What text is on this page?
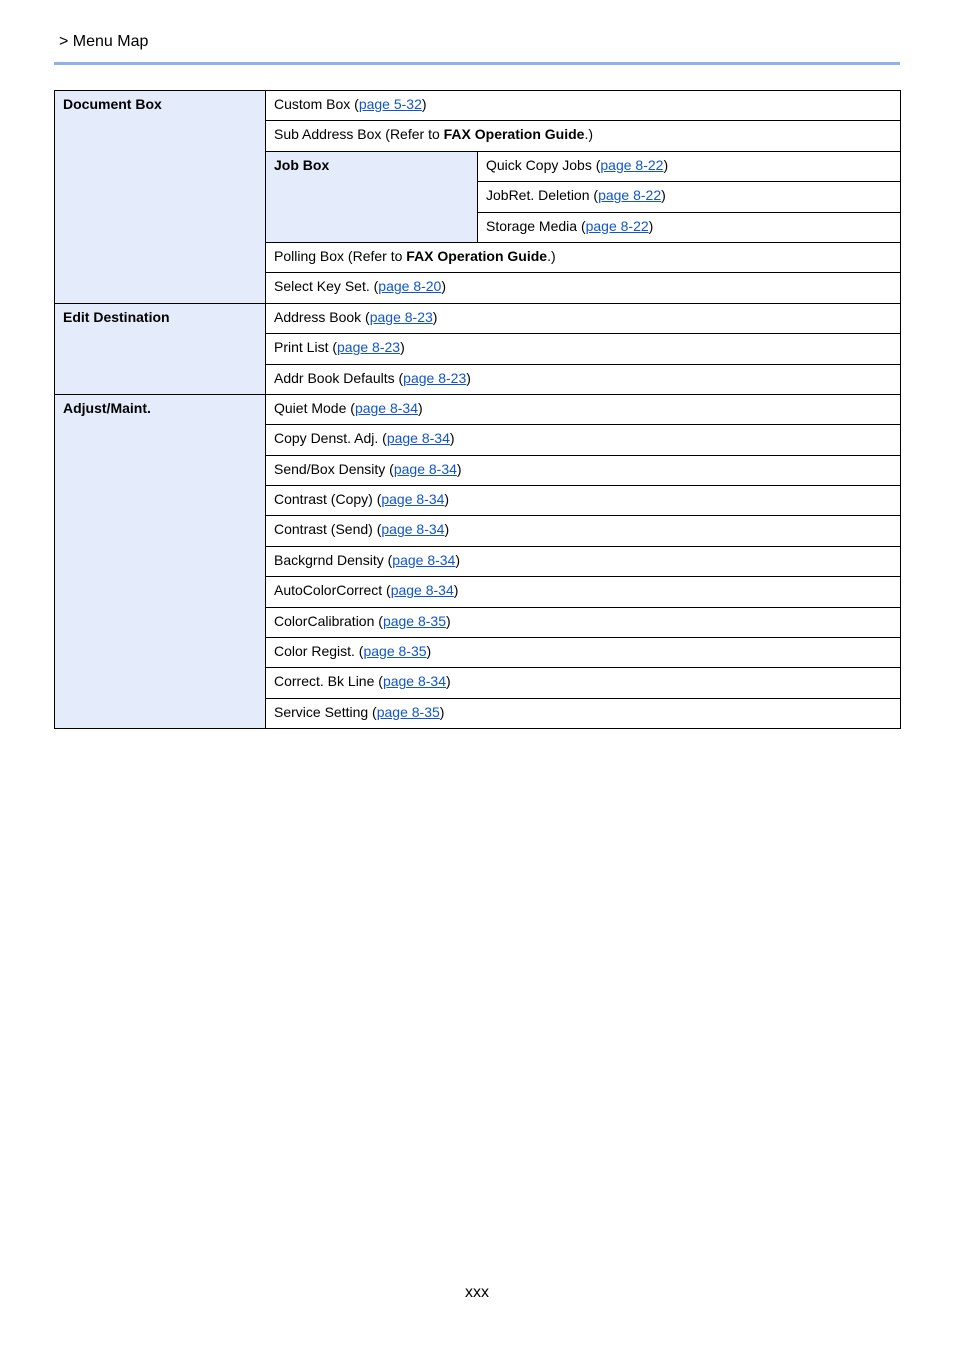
> Menu Map
Document Box	Custom Box (page 5-32)	
	Sub Address Box (Refer to FAX Operation Guide.)	
	Job Box	Quick Copy Jobs (page 8-22)
		JobRet. Deletion (page 8-22)
		Storage Media (page 8-22)
	Polling Box (Refer to FAX Operation Guide.)	
	Select Key Set. (page 8-20)	
Edit Destination	Address Book (page 8-23)	
	Print List (page 8-23)	
	Addr Book Defaults (page 8-23)	
Adjust/Maint.	Quiet Mode (page 8-34)	
	Copy Denst. Adj. (page 8-34)	
	Send/Box Density (page 8-34)	
	Contrast (Copy) (page 8-34)	
	Contrast (Send) (page 8-34)	
	Backgrnd Density (page 8-34)	
	AutoColorCorrect (page 8-34)	
	ColorCalibration (page 8-35)	
	Color Regist. (page 8-35)	
	Correct. Bk Line (page 8-34)	
	Service Setting (page 8-35)	
xxx
